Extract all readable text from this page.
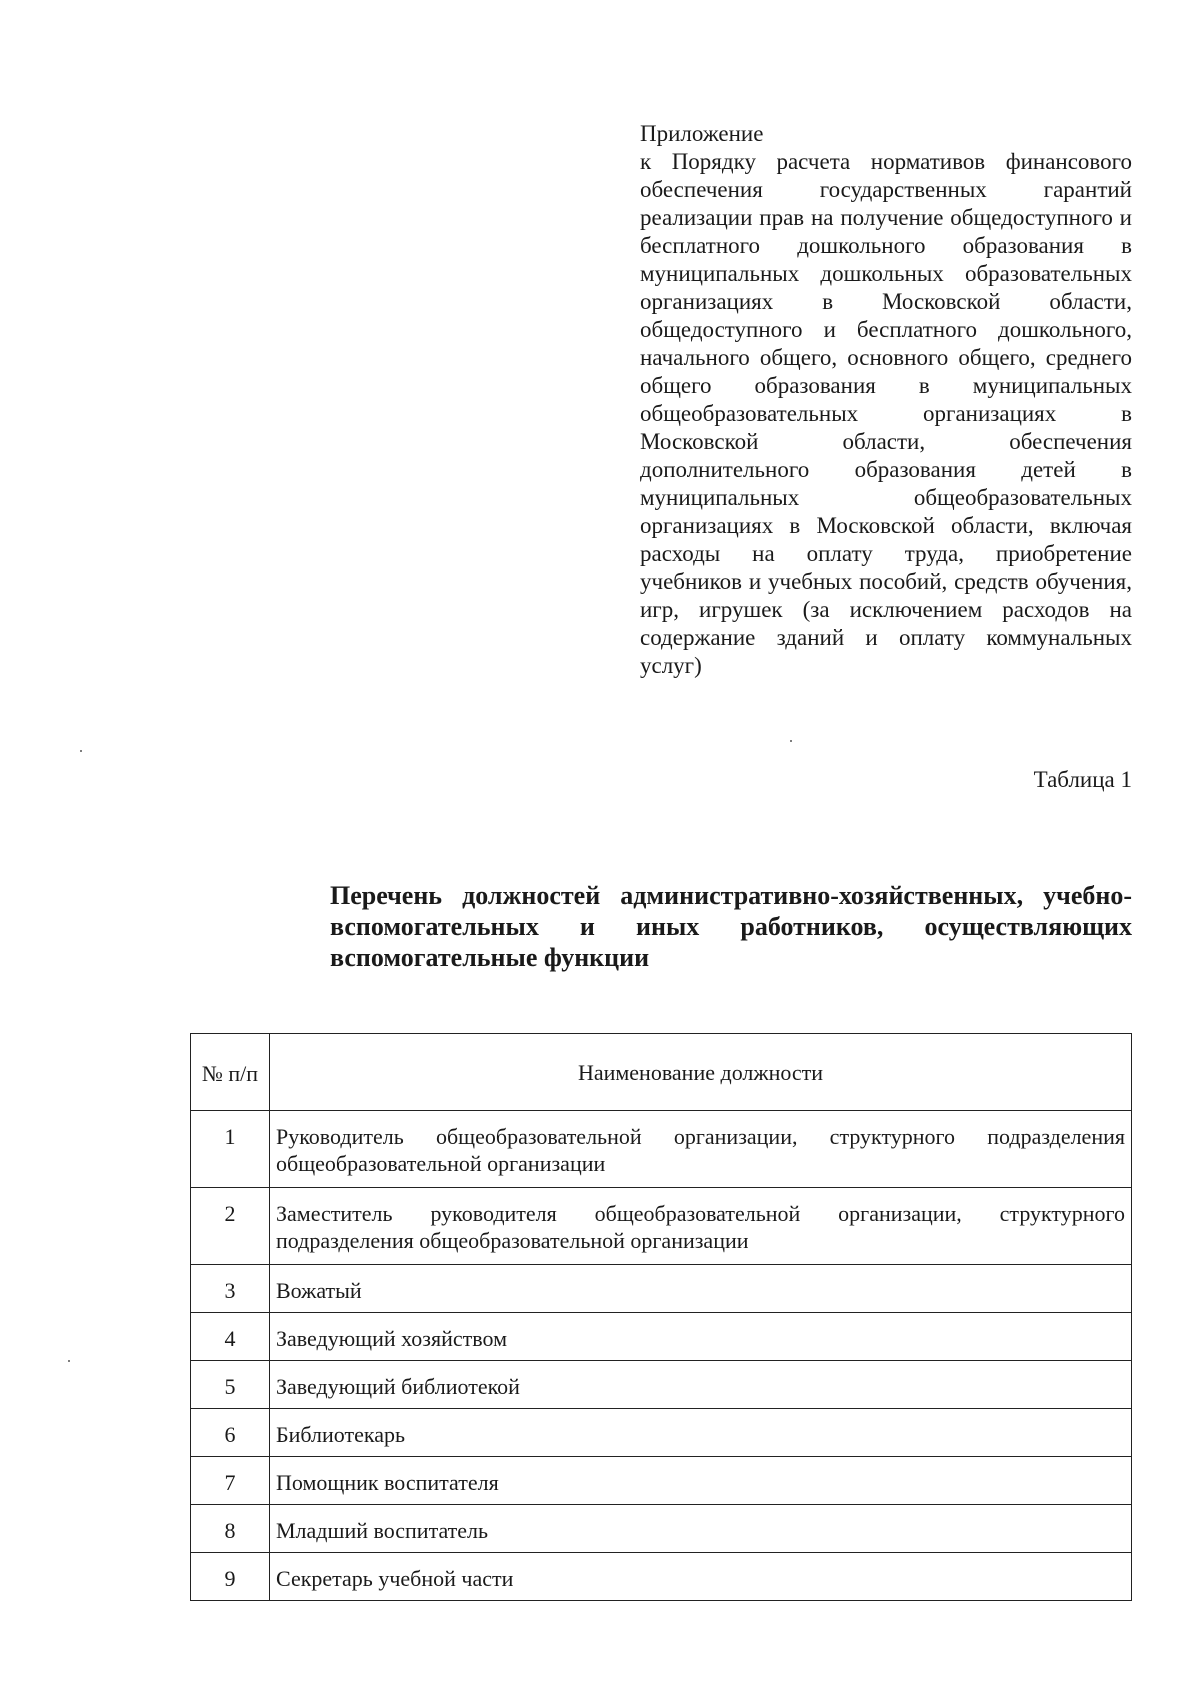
Приложение
к Порядку расчета нормативов финансового обеспечения государственных гарантий реализации прав на получение общедоступного и бесплатного дошкольного образования в муниципальных дошкольных образовательных организациях в Московской области, общедоступного и бесплатного дошкольного, начального общего, основного общего, среднего общего образования в муниципальных общеобразовательных организациях в Московской области, обеспечения дополнительного образования детей в муниципальных общеобразовательных организациях в Московской области, включая расходы на оплату труда, приобретение учебников и учебных пособий, средств обучения, игр, игрушек (за исключением расходов на содержание зданий и оплату коммунальных услуг)
Таблица 1
Перечень должностей административно-хозяйственных, учебно-вспомогательных и иных работников, осуществляющих вспомогательные функции
№ п/п	Наименование должности
1	Руководитель общеобразовательной организации, структурного подразделения общеобразовательной организации
2	Заместитель руководителя общеобразовательной организации, структурного подразделения общеобразовательной организации
3	Вожатый
4	Заведующий хозяйством
5	Заведующий библиотекой
6	Библиотекарь
7	Помощник воспитателя
8	Младший воспитатель
9	Секретарь учебной части
